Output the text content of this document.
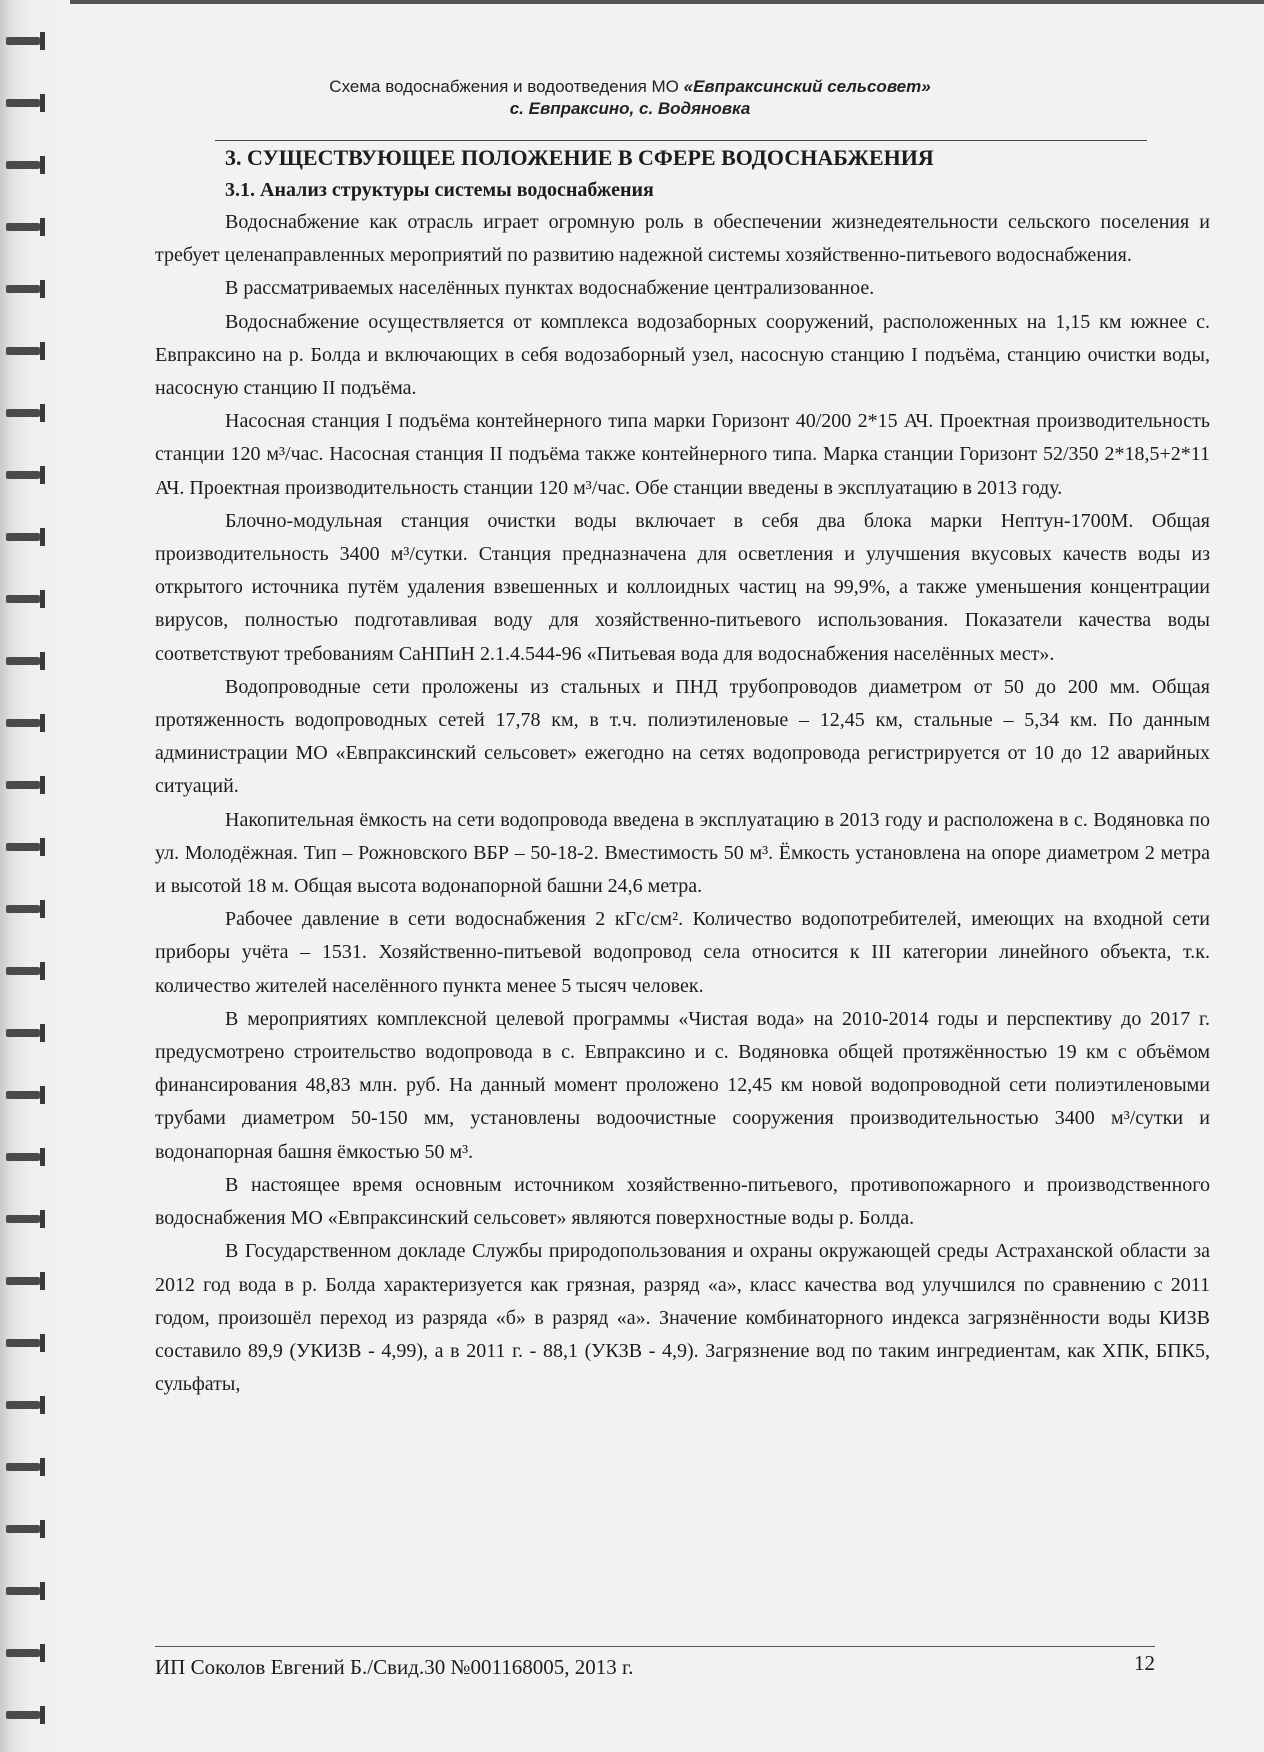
Схема водоснабжения и водоотведения МО «Евпраксинский сельсовет»
с. Евпраксино, с. Водяновка
3. СУЩЕСТВУЮЩЕЕ ПОЛОЖЕНИЕ В СФЕРЕ ВОДОСНАБЖЕНИЯ
3.1. Анализ структуры системы водоснабжения

Водоснабжение как отрасль играет огромную роль в обеспечении жизнедеятельности сельского поселения и требует целенаправленных мероприятий по развитию надежной системы хозяйственно-питьевого водоснабжения.

В рассматриваемых населённых пунктах водоснабжение централизованное.

Водоснабжение осуществляется от комплекса водозаборных сооружений, расположенных на 1,15 км южнее с. Евпраксино на р. Болда и включающих в себя водозаборный узел, насосную станцию I подъёма, станцию очистки воды, насосную станцию II подъёма.

Насосная станция I подъёма контейнерного типа марки Горизонт 40/200 2*15 АЧ. Проектная производительность станции 120 м³/час. Насосная станция II подъёма также контейнерного типа. Марка станции Горизонт 52/350 2*18,5+2*11 АЧ. Проектная производительность станции 120 м³/час. Обе станции введены в эксплуатацию в 2013 году.

Блочно-модульная станция очистки воды включает в себя два блока марки Нептун-1700М. Общая производительность 3400 м³/сутки. Станция предназначена для осветления и улучшения вкусовых качеств воды из открытого источника путём удаления взвешенных и коллоидных частиц на 99,9%, а также уменьшения концентрации вирусов, полностью подготавливая воду для хозяйственно-питьевого использования. Показатели качества воды соответствуют требованиям СаНПиН 2.1.4.544-96 «Питьевая вода для водоснабжения населённых мест».

Водопроводные сети проложены из стальных и ПНД трубопроводов диаметром от 50 до 200 мм. Общая протяженность водопроводных сетей 17,78 км, в т.ч. полиэтиленовые – 12,45 км, стальные – 5,34 км. По данным администрации МО «Евпраксинский сельсовет» ежегодно на сетях водопровода регистрируется от 10 до 12 аварийных ситуаций.

Накопительная ёмкость на сети водопровода введена в эксплуатацию в 2013 году и расположена в с. Водяновка по ул. Молодёжная. Тип – Рожновского ВБР – 50-18-2. Вместимость 50 м³. Ёмкость установлена на опоре диаметром 2 метра и высотой 18 м. Общая высота водонапорной башни 24,6 метра.

Рабочее давление в сети водоснабжения 2 кГс/см². Количество водопотребителей, имеющих на входной сети приборы учёта – 1531. Хозяйственно-питьевой водопровод села относится к III категории линейного объекта, т.к. количество жителей населённого пункта менее 5 тысяч человек.

В мероприятиях комплексной целевой программы «Чистая вода» на 2010-2014 годы и перспективу до 2017 г. предусмотрено строительство водопровода в с. Евпраксино и с. Водяновка общей протяжённостью 19 км с объёмом финансирования 48,83 млн. руб. На данный момент проложено 12,45 км новой водопроводной сети полиэтиленовыми трубами диаметром 50-150 мм, установлены водоочистные сооружения производительностью 3400 м³/сутки и водонапорная башня ёмкостью 50 м³.

В настоящее время основным источником хозяйственно-питьевого, противопожарного и производственного водоснабжения МО «Евпраксинский сельсовет» являются поверхностные воды р. Болда.

В Государственном докладе Службы природопользования и охраны окружающей среды Астраханской области за 2012 год вода в р. Болда характеризуется как грязная, разряд «а», класс качества вод улучшился по сравнению с 2011 годом, произошёл переход из разряда «б» в разряд «а». Значение комбинаторного индекса загрязнённости воды КИЗВ составило 89,9 (УКИЗВ - 4,99), а в 2011 г. - 88,1 (УКЗВ - 4,9). Загрязнение вод по таким ингредиентам, как ХПК, БПК5, сульфаты,

ИП Соколов Евгений Б./Свид.30 №001168005, 2013 г.	12
